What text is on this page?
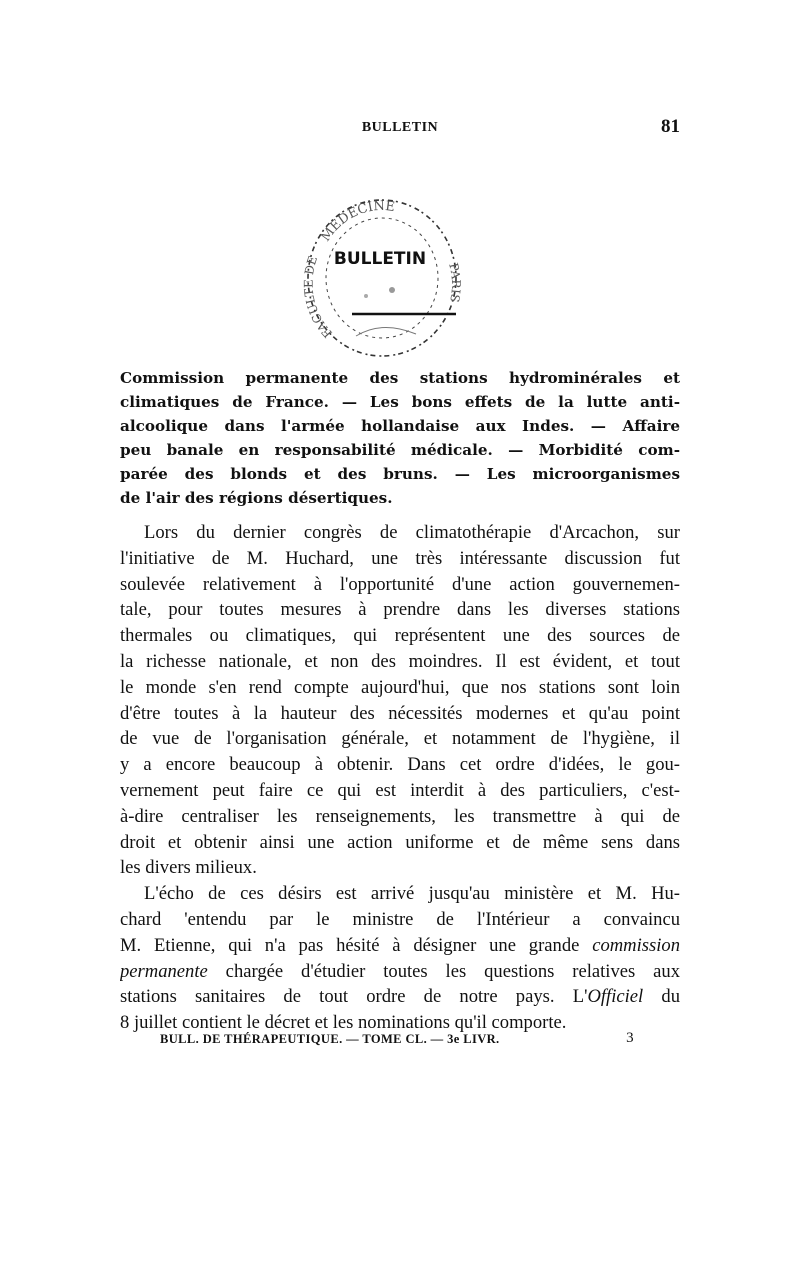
BULLETIN	81
MEDECINE
FACULTE DE	PARIS
BULLETIN
Commission permanente des stations hydrominérales et
climatiques de France. — Les bons effets de la lutte anti-
alcoolique dans l'armée hollandaise aux Indes. — Affaire
peu banale en responsabilité médicale. — Morbidité com-
parée des blonds et des bruns. — Les microorganismes
de l'air des régions désertiques.
Lors du dernier congrès de climatothérapie d'Arcachon, sur
l'initiative de M. Huchard, une très intéressante discussion fut
soulevée relativement à l'opportunité d'une action gouvernemen-
tale, pour toutes mesures à prendre dans les diverses stations
thermales ou climatiques, qui représentent une des sources de
la richesse nationale, et non des moindres. Il est évident, et tout
le monde s'en rend compte aujourd'hui, que nos stations sont loin
d'être toutes à la hauteur des nécessités modernes et qu'au point
de vue de l'organisation générale, et notamment de l'hygiène, il
y a encore beaucoup à obtenir. Dans cet ordre d'idées, le gou-
vernement peut faire ce qui est interdit à des particuliers, c'est-
à-dire centraliser les renseignements, les transmettre à qui de
droit et obtenir ainsi une action uniforme et de même sens dans
les divers milieux.
L'écho de ces désirs est arrivé jusqu'au ministère et M. Hu-
chard 'entendu par le ministre de l'Intérieur a convaincu
M. Etienne, qui n'a pas hésité à désigner une grande commission
permanente chargée d'étudier toutes les questions relatives aux
stations sanitaires de tout ordre de notre pays. L'Officiel du
8 juillet contient le décret et les nominations qu'il comporte.
BULL. DE THÉRAPEUTIQUE. — TOME CL. — 3e LIVR.	3
